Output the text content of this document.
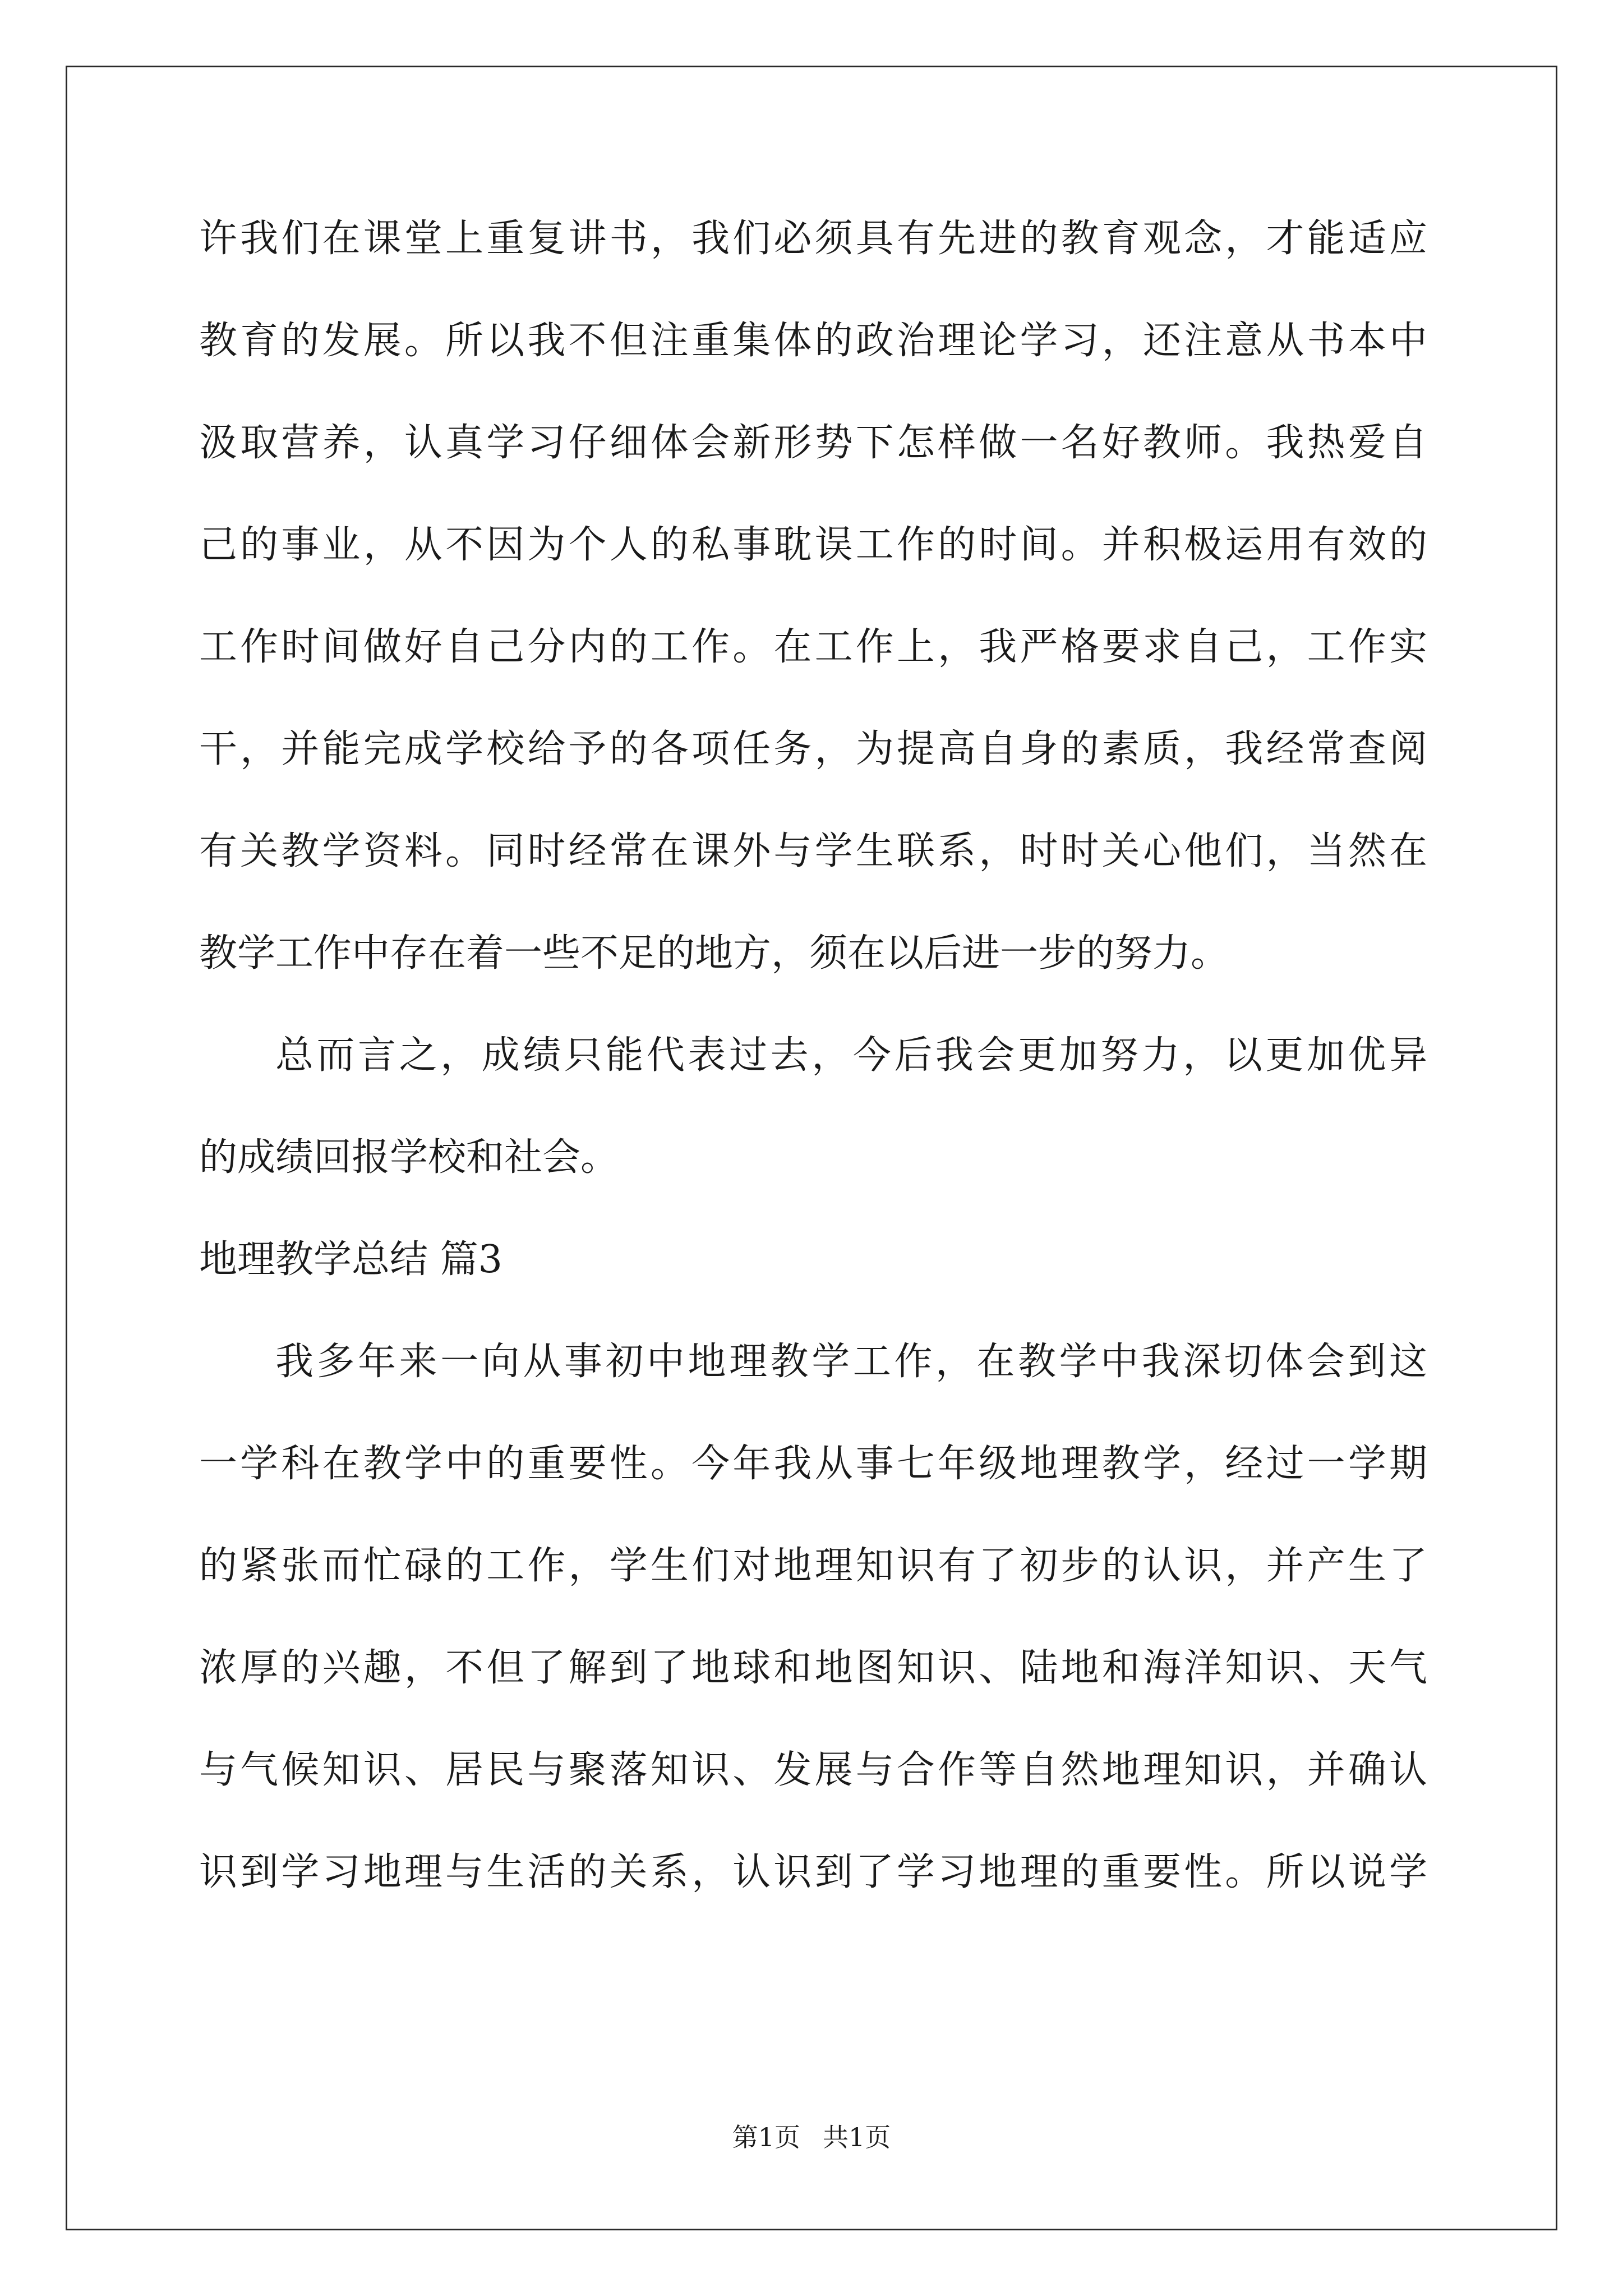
许我们在课堂上重复讲书，我们必须具有先进的教育观念，才能适应
教育的发展。所以我不但注重集体的政治理论学习，还注意从书本中
汲取营养，认真学习仔细体会新形势下怎样做一名好教师。我热爱自
己的事业，从不因为个人的私事耽误工作的时间。并积极运用有效的
工作时间做好自己分内的工作。在工作上，我严格要求自己，工作实
干，并能完成学校给予的各项任务，为提高自身的素质，我经常查阅
有关教学资料。同时经常在课外与学生联系，时时关心他们，当然在
教学工作中存在着一些不足的地方，须在以后进一步的努力。
总而言之，成绩只能代表过去，今后我会更加努力，以更加优异
的成绩回报学校和社会。
地理教学总结 篇3
我多年来一向从事初中地理教学工作，在教学中我深切体会到这
一学科在教学中的重要性。今年我从事七年级地理教学，经过一学期
的紧张而忙碌的工作，学生们对地理知识有了初步的认识，并产生了
浓厚的兴趣，不但了解到了地球和地图知识、陆地和海洋知识、天气
与气候知识、居民与聚落知识、发展与合作等自然地理知识，并确认
识到学习地理与生活的关系，认识到了学习地理的重要性。所以说学
第1页 共1页
